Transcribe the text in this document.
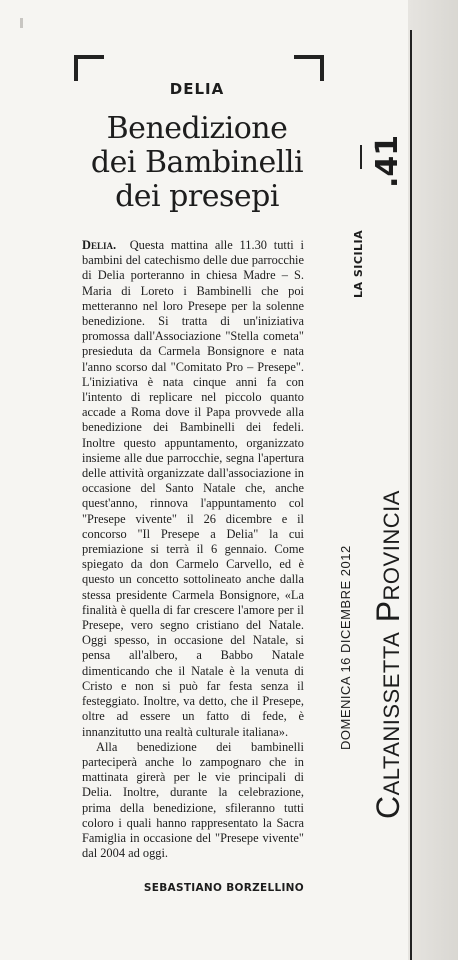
DELIA
Benedizione
dei Bambinelli
dei presepi

Delia. Questa mattina alle 11.30 tutti i bambini del catechismo delle due parrocchie di Delia porteranno in chiesa Madre – S. Maria di Loreto i Bambinelli che poi metteranno nel loro Presepe per la solenne benedizione. Si tratta di un'iniziativa promossa dall'Associazione "Stella cometa" presieduta da Carmela Bonsignore e nata l'anno scorso dal "Comitato Pro – Presepe". L'iniziativa è nata cinque anni fa con l'intento di replicare nel piccolo quanto accade a Roma dove il Papa provvede alla benedizione dei Bambinelli dei fedeli. Inoltre questo appuntamento, organizzato insieme alle due parrocchie, segna l'apertura delle attività organizzate dall'associazione in occasione del Santo Natale che, anche quest'anno, rinnova l'appuntamento col "Presepe vivente" il 26 dicembre e il concorso "Il Presepe a Delia" la cui premiazione si terrà il 6 gennaio. Come spiegato da don Carmelo Carvello, ed è questo un concetto sottolineato anche dalla stessa presidente Carmela Bonsignore, «La finalità è quella di far crescere l'amore per il Presepe, vero segno cristiano del Natale. Oggi spesso, in occasione del Natale, si pensa all'albero, a Babbo Natale dimenticando che il Natale è la venuta di Cristo e non si può far festa senza il festeggiato. Inoltre, va detto, che il Presepe, oltre ad essere un fatto di fede, è innanzitutto una realtà culturale italiana».

Alla benedizione dei bambinelli parteciperà anche lo zampognaro che in mattinata girerà per le vie principali di Delia. Inoltre, durante la celebrazione, prima della benedizione, sfileranno tutti coloro i quali hanno rappresentato la Sacra Famiglia in occasione del "Presepe vivente" dal 2004 ad oggi.

SEBASTIANO BORZELLINO
.41
LA SICILIA
Caltanissetta Provincia
DOMENICA 16 DICEMBRE 2012
